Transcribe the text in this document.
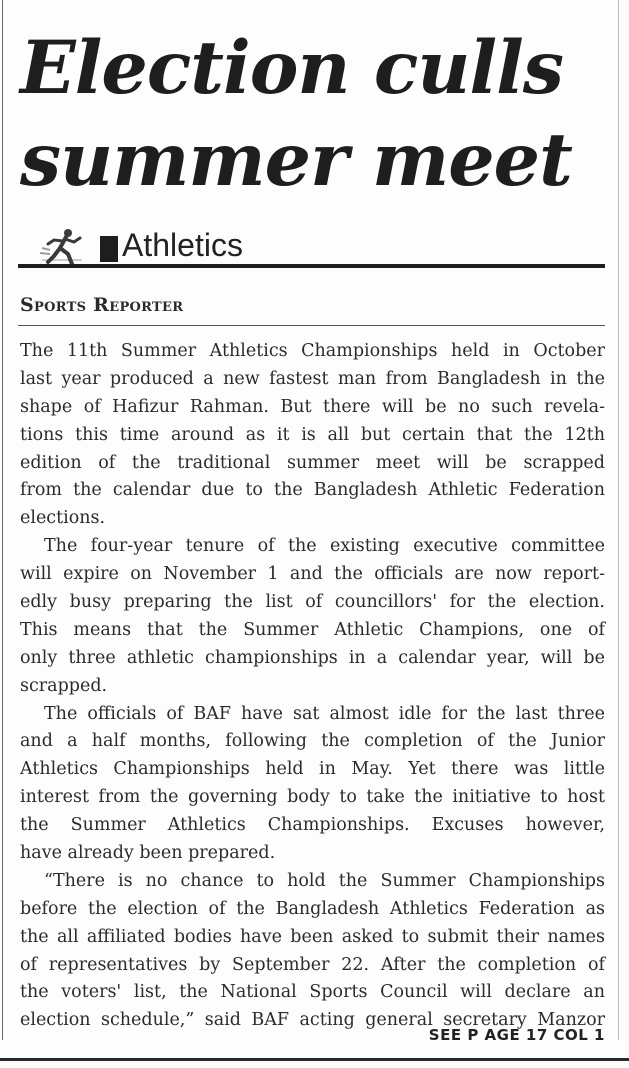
Election culls
summer meet
Athletics
Sports Reporter
The 11th Summer Athletics Championships held in October
last year produced a new fastest man from Bangladesh in the
shape of Hafizur Rahman. But there will be no such revela-
tions this time around as it is all but certain that the 12th
edition of the traditional summer meet will be scrapped
from the calendar due to the Bangladesh Athletic Federation
elections.
The four-year tenure of the existing executive committee
will expire on November 1 and the officials are now report-
edly busy preparing the list of councillors' for the election.
This means that the Summer Athletic Champions, one of
only three athletic championships in a calendar year, will be
scrapped.
The officials of BAF have sat almost idle for the last three
and a half months, following the completion of the Junior
Athletics Championships held in May. Yet there was little
interest from the governing body to take the initiative to host
the Summer Athletics Championships. Excuses however,
have already been prepared.
“There is no chance to hold the Summer Championships
before the election of the Bangladesh Athletics Federation as
the all affiliated bodies have been asked to submit their names
of representatives by September 22. After the completion of
the voters' list, the National Sports Council will declare an
election schedule,” said BAF acting general secretary Manzor
SEE P AGE 17 COL 1
